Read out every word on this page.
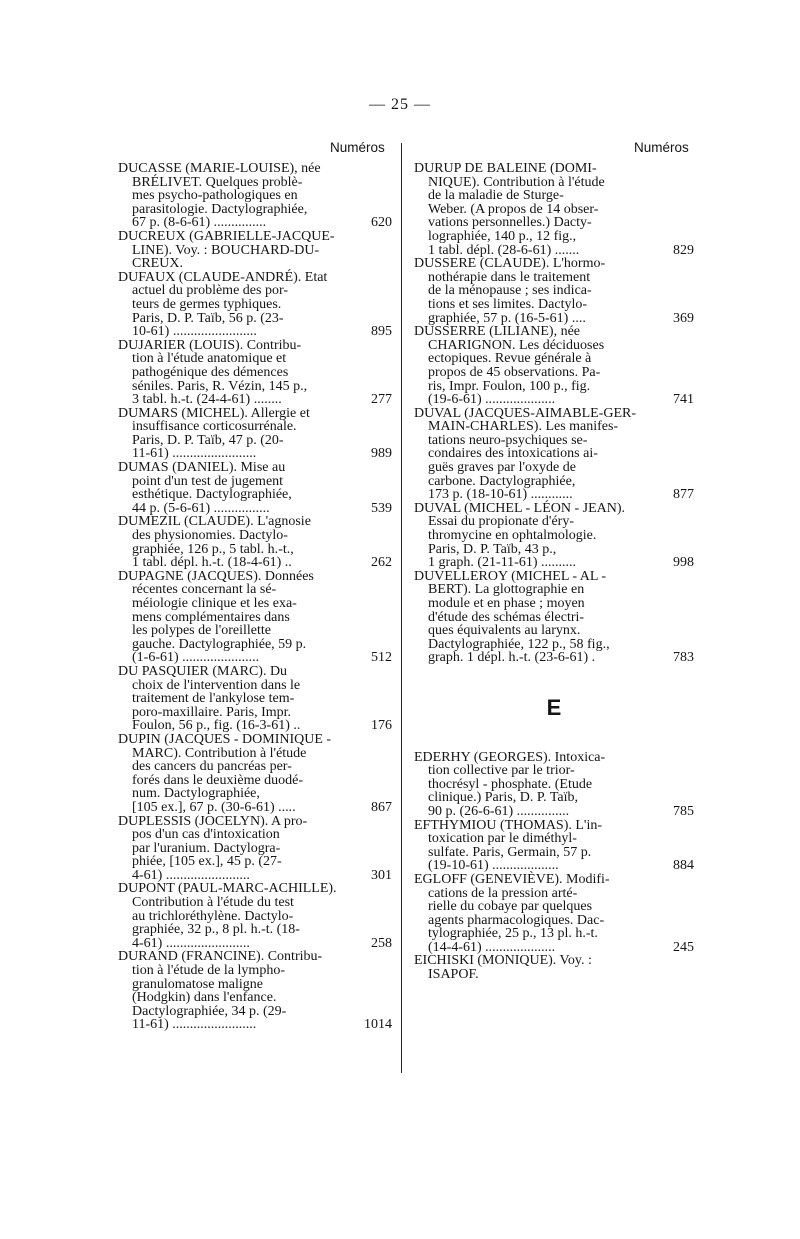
— 25 —
Numéros	Numéros
DUCASSE (MARIE-LOUISE), née
BRÉLIVET. Quelques problè-
mes psycho-pathologiques en
parasitologie. Dactylographiée,
67 p. (8-6-61) ...............	620
DUCREUX (GABRIELLE-JACQUE-
LINE). Voy. : BOUCHARD-DU-
CREUX.
DUFAUX (CLAUDE-ANDRÉ). Etat
actuel du problème des por-
teurs de germes typhiques.
Paris, D. P. Taïb, 56 p. (23-
10-61) ........................	895
DUJARIER (LOUIS). Contribu-
tion à l'étude anatomique et
pathogénique des démences
séniles. Paris, R. Vézin, 145 p.,
3 tabl. h.-t. (24-4-61) ........	277
DUMARS (MICHEL). Allergie et
insuffisance corticosurrénale.
Paris, D. P. Taïb, 47 p. (20-
11-61) ........................	989
DUMAS (DANIEL). Mise au
point d'un test de jugement
esthétique. Dactylographiée,
44 p. (5-6-61) ................	539
DUMEZIL (CLAUDE). L'agnosie
des physionomies. Dactylo-
graphiée, 126 p., 5 tabl. h.-t.,
1 tabl. dépl. h.-t. (18-4-61) ..	262
DUPAGNE (JACQUES). Données
récentes concernant la sé-
méiologie clinique et les exa-
mens complémentaires dans
les polypes de l'oreillette
gauche. Dactylographiée, 59 p.
(1-6-61) ......................	512
DU PASQUIER (MARC). Du
choix de l'intervention dans le
traitement de l'ankylose tem-
poro-maxillaire. Paris, Impr.
Foulon, 56 p., fig. (16-3-61) ..	176
DUPIN (JACQUES - DOMINIQUE -
MARC). Contribution à l'étude
des cancers du pancréas per-
forés dans le deuxième duodé-
num. Dactylographiée,
[105 ex.], 67 p. (30-6-61) .....	867
DUPLESSIS (JOCELYN). A pro-
pos d'un cas d'intoxication
par l'uranium. Dactylogra-
phiée, [105 ex.], 45 p. (27-
4-61) ........................	301
DUPONT (PAUL-MARC-ACHILLE).
Contribution à l'étude du test
au trichloréthylène. Dactylo-
graphiée, 32 p., 8 pl. h.-t. (18-
4-61) ........................	258
DURAND (FRANCINE). Contribu-
tion à l'étude de la lympho-
granulomatose maligne
(Hodgkin) dans l'enfance.
Dactylographiée, 34 p. (29-
11-61) ........................	1014
DURUP DE BALEINE (DOMI-
NIQUE). Contribution à l'étude
de la maladie de Sturge-
Weber. (A propos de 14 obser-
vations personnelles.) Dacty-
lographiée, 140 p., 12 fig.,
1 tabl. dépl. (28-6-61) .......	829
DUSSERE (CLAUDE). L'hormo-
nothérapie dans le traitement
de la ménopause ; ses indica-
tions et ses limites. Dactylo-
graphiée, 57 p. (16-5-61) ....	369
DUSSERRE (LILIANE), née
CHARIGNON. Les déciduoses
ectopiques. Revue générale à
propos de 45 observations. Pa-
ris, Impr. Foulon, 100 p., fig.
(19-6-61) ....................	741
DUVAL (JACQUES-AIMABLE-GER-
MAIN-CHARLES). Les manifes-
tations neuro-psychiques se-
condaires des intoxications ai-
guës graves par l'oxyde de
carbone. Dactylographiée,
173 p. (18-10-61) ............	877
DUVAL (MICHEL - LÉON - JEAN).
Essai du propionate d'éry-
thromycine en ophtalmologie.
Paris, D. P. Taïb, 43 p.,
1 graph. (21-11-61) ..........	998
DUVELLEROY (MICHEL - AL -
BERT). La glottographie en
module et en phase ; moyen
d'étude des schémas électri-
ques équivalents au larynx.
Dactylographiée, 122 p., 58 fig.,
graph. 1 dépl. h.-t. (23-6-61) .	783
E
EDERHY (GEORGES). Intoxica-
tion collective par le trior-
thocrésyl - phosphate. (Etude
clinique.) Paris, D. P. Taïb,
90 p. (26-6-61) ...............	785
EFTHYMIOU (THOMAS). L'in-
toxication par le diméthyl-
sulfate. Paris, Germain, 57 p.
(19-10-61) ...................	884
EGLOFF (GENEVIÈVE). Modifi-
cations de la pression arté-
rielle du cobaye par quelques
agents pharmacologiques. Dac-
tylographiée, 25 p., 13 pl. h.-t.
(14-4-61) ....................	245
EICHISKI (MONIQUE). Voy. :
ISAPOF.
